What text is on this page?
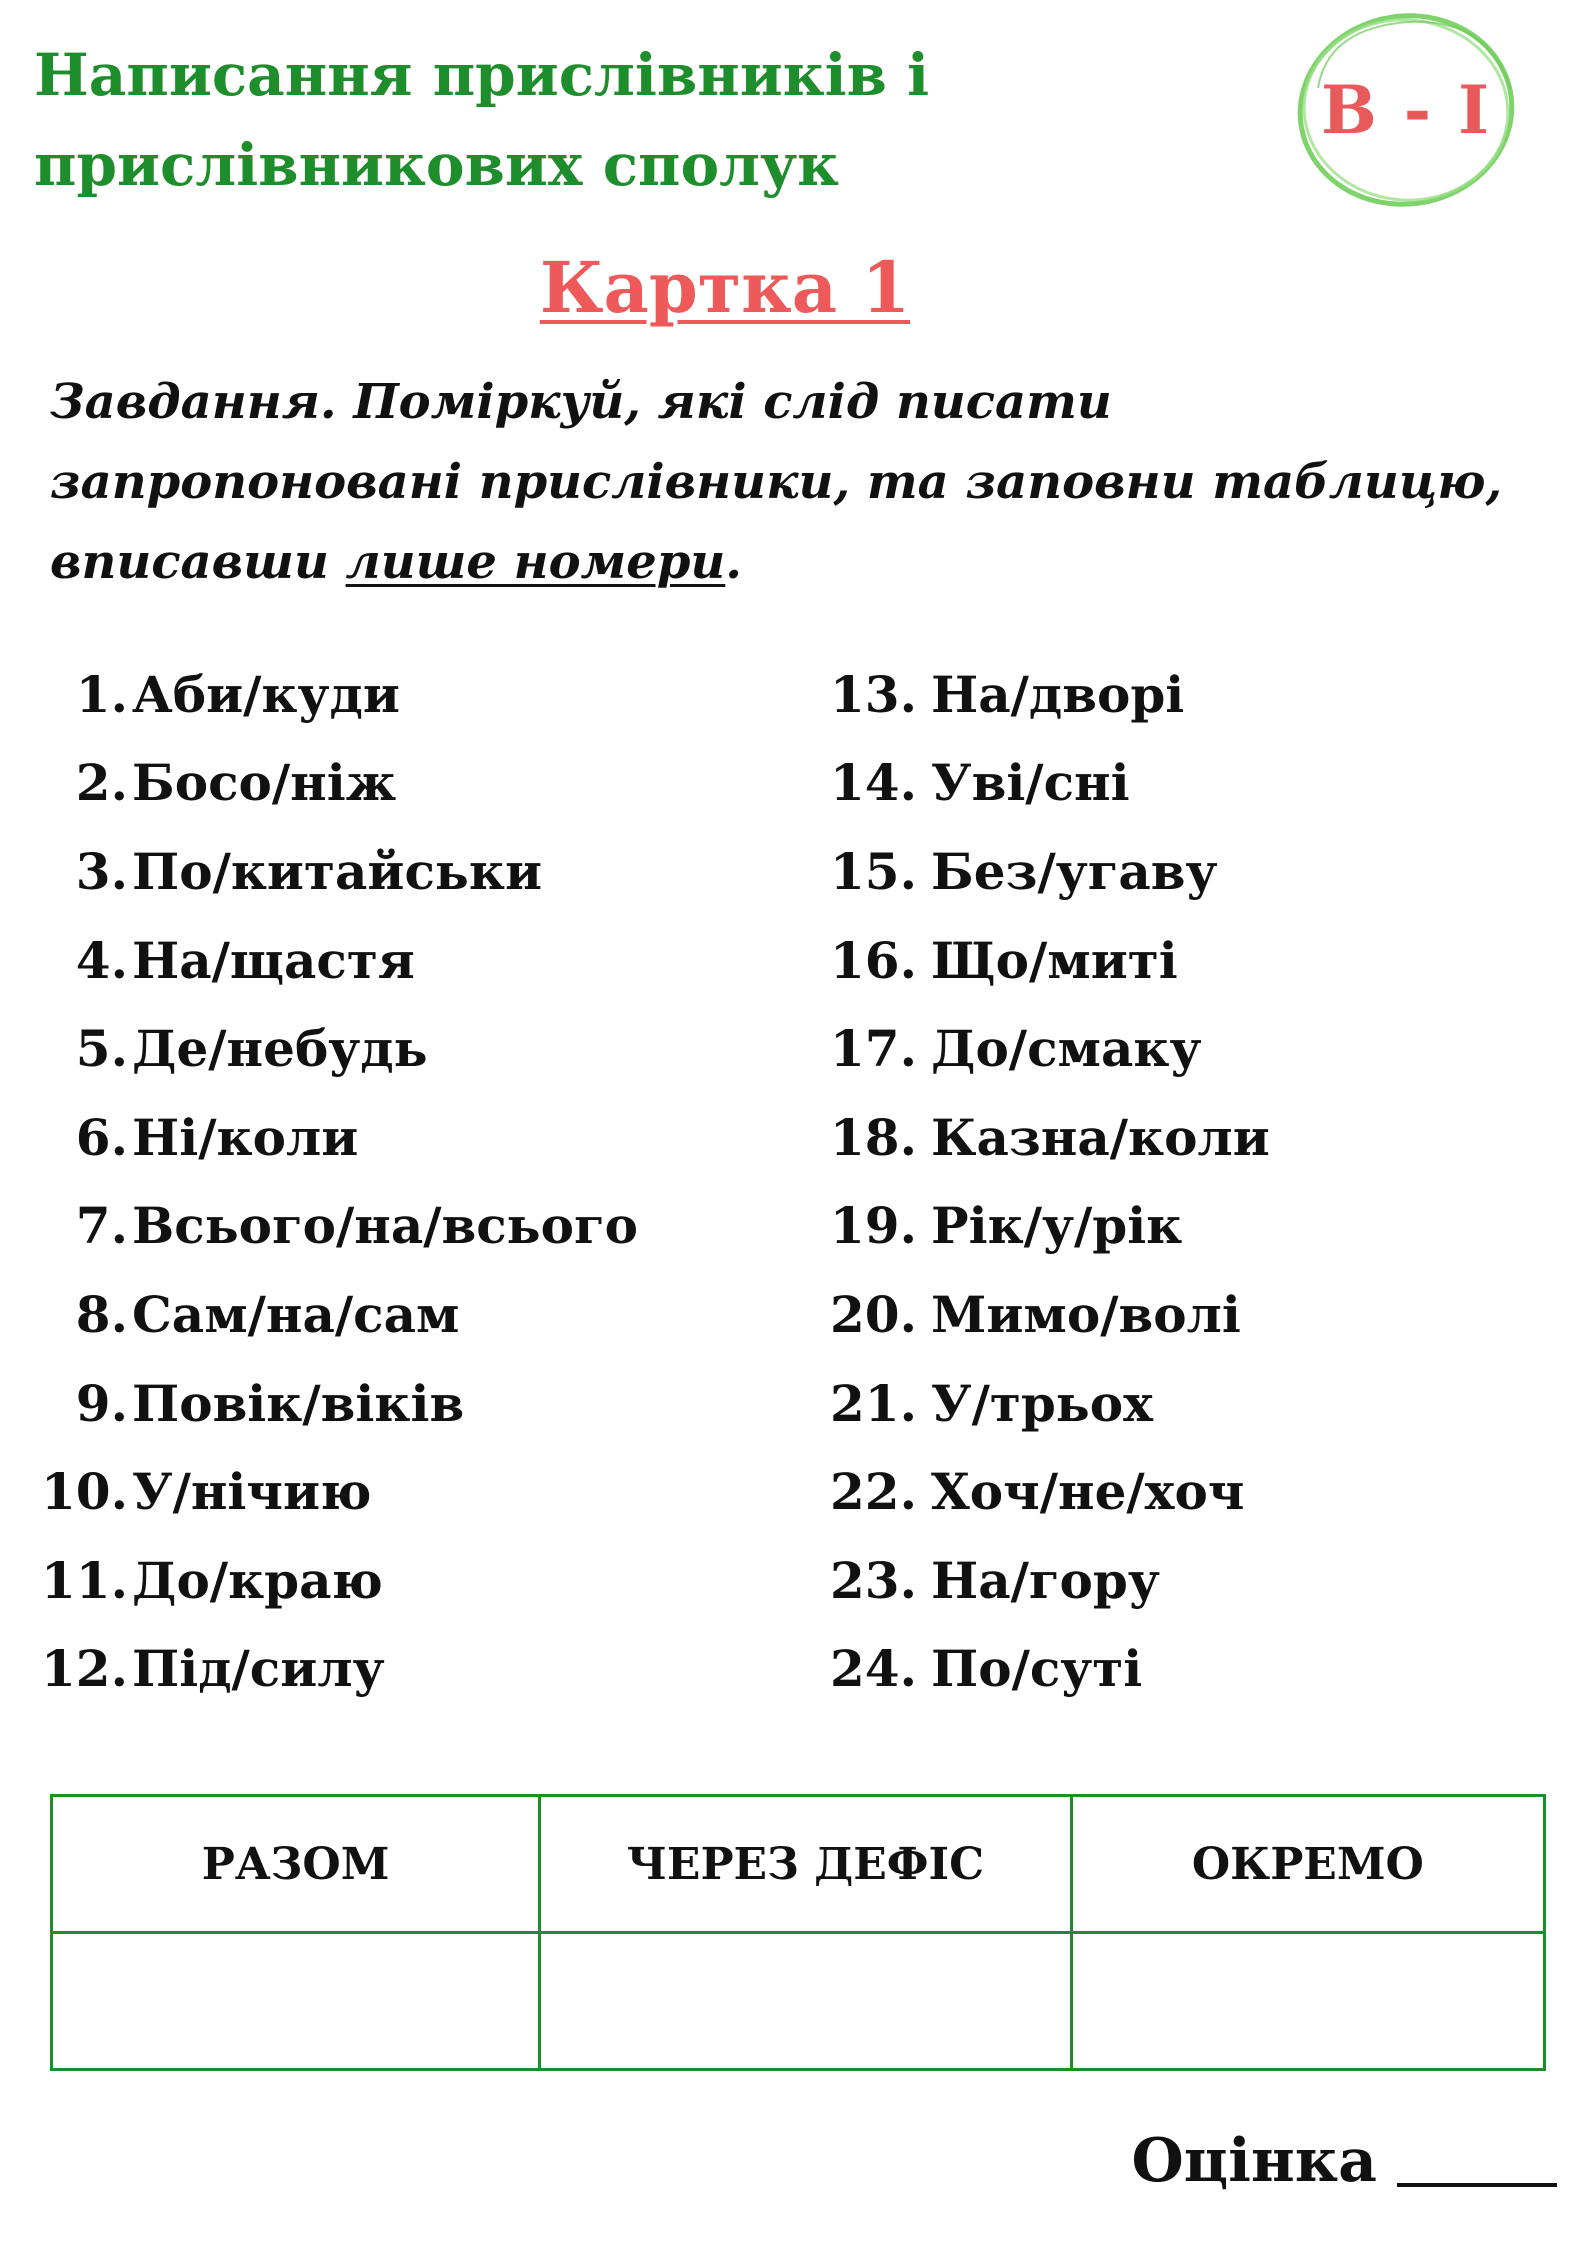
Написання прислівників і
прислівникових сполук
В - І
Картка 1

Завдання. Поміркуй, які слід писати запропоновані прислівники, та заповни таблицю, вписавши лише номери.

1. Аби/куди
2. Босо/ніж
3. По/китайськи
4. На/щастя
5. Де/небудь
6. Ні/коли
7. Всього/на/всього
8. Сам/на/сам
9. Повік/віків
10. У/нічию
11. До/краю
12. Під/силу
13. На/дворі
14. Уві/сні
15. Без/угаву
16. Що/миті
17. До/смаку
18. Казна/коли
19. Рік/у/рік
20. Мимо/волі
21. У/трьох
22. Хоч/не/хоч
23. На/гору
24. По/суті
РАЗОМ	ЧЕРЕЗ ДЕФІС	ОКРЕМО

Оцінка
